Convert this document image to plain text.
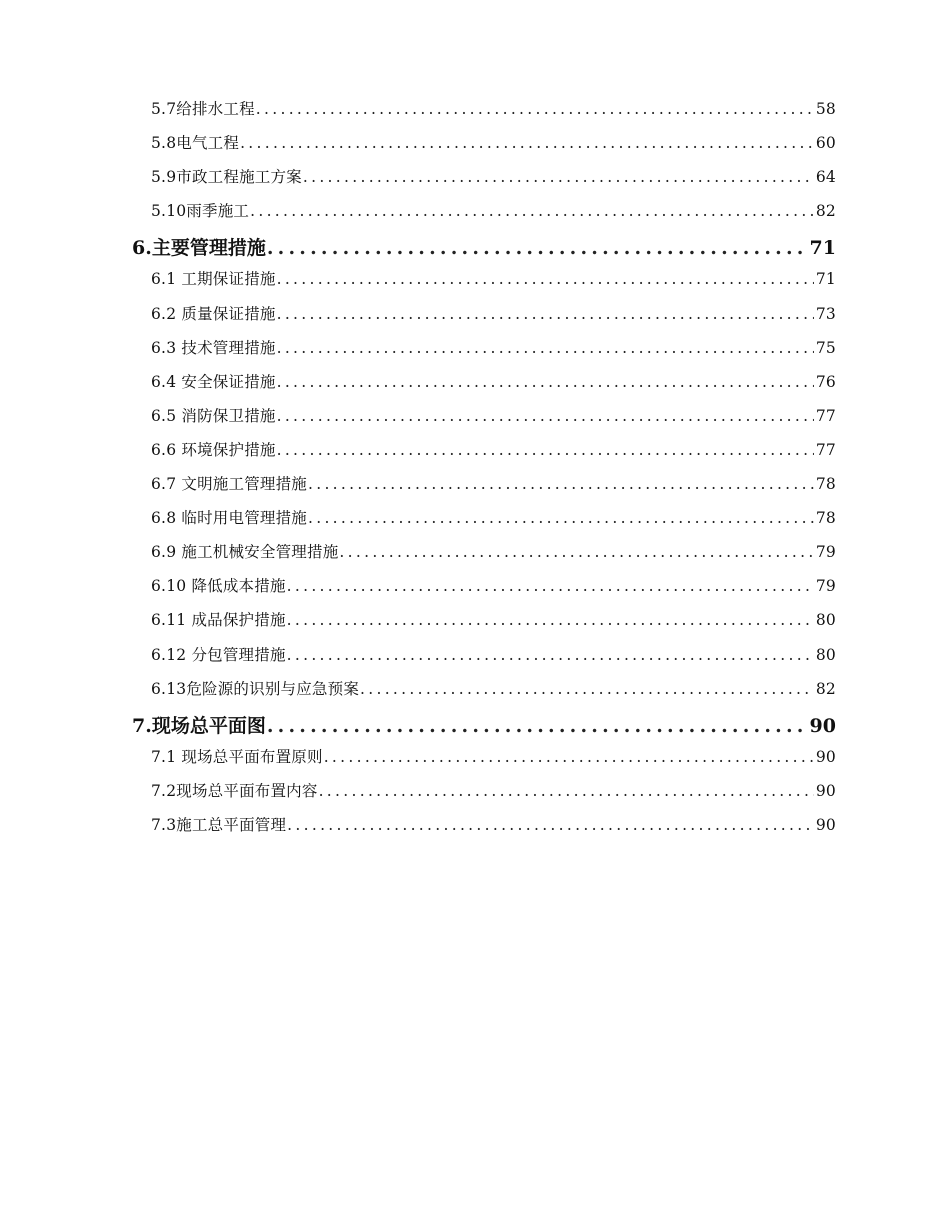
5.7给排水工程 .....	58
5.8电气工程 .....	60
5.9市政工程施工方案 .....	64
5.10雨季施工 .....	82
6.主要管理措施 .....	71
6.1 工期保证措施 .....	71
6.2 质量保证措施 .....	73
6.3 技术管理措施 .....	75
6.4 安全保证措施 .....	76
6.5 消防保卫措施 .....	77
6.6 环境保护措施 .....	77
6.7 文明施工管理措施 .....	78
6.8 临时用电管理措施 .....	78
6.9 施工机械安全管理措施 .....	79
6.10 降低成本措施 .....	79
6.11 成品保护措施 .....	80
6.12 分包管理措施 .....	80
6.13危险源的识别与应急预案 .....	82
7.现场总平面图 .....	90
7.1 现场总平面布置原则 .....	90
7.2现场总平面布置内容 .....	90
7.3施工总平面管理 .....	90
